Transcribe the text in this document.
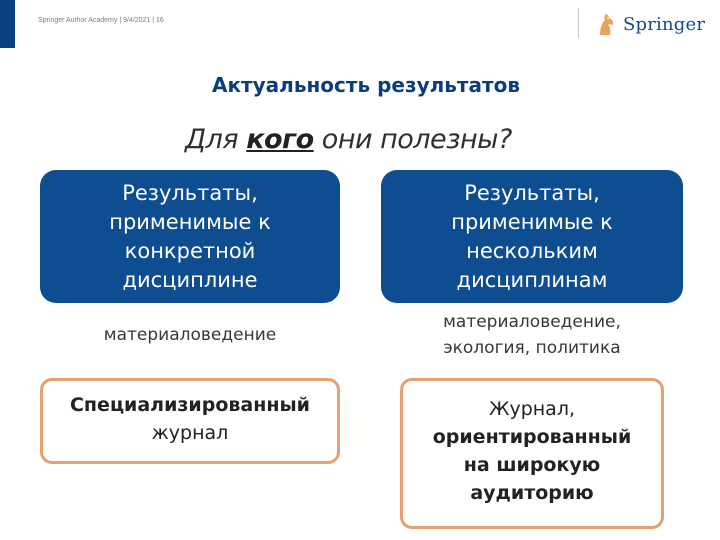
Springer Author Academy | 9/4/2021 | 16	Springer
Актуальность результатов
Для кого они полезны?
Результаты,
применимые к
конкретной
дисциплине
Результаты,
применимые к
нескольким
дисциплинам
материаловедение
материаловедение,
экология, политика
Специализированный
журнал
Журнал,
ориентированный
на широкую
аудиторию
